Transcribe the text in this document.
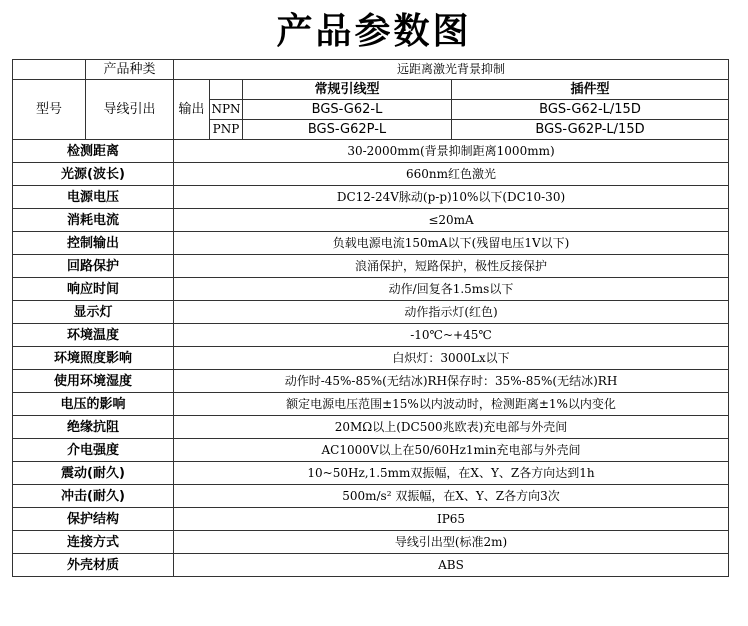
产品参数图
	产品种类	远距离激光背景抑制			
型号	导线引出	输出		常规引线型	插件型
			NPN	BGS-G62-L	BGS-G62-L/15D
			PNP	BGS-G62P-L	BGS-G62P-L/15D
检测距离		30-2000mm(背景抑制距离1000mm)			
光源(波长)		660nm红色激光			
电源电压		DC12-24V脉动(p-p)10%以下(DC10-30)			
消耗电流		≤20mA			
控制输出		负载电源电流150mA以下(残留电压1V以下)			
回路保护		浪涌保护，短路保护，极性反接保护			
响应时间		动作/回复各1.5ms以下			
显示灯		动作指示灯(红色)			
环境温度		-10℃~+45℃			
环境照度影响		白炽灯：3000Lx以下			
使用环境湿度		动作时-45%-85%(无结冰)RH保存时：35%-85%(无结冰)RH			
电压的影响		额定电源电压范围±15%以内波动时，检测距离±1%以内变化			
绝缘抗阻		20MΩ以上(DC500兆欧表)充电部与外壳间			
介电强度		AC1000V以上在50/60Hz1min充电部与外壳间			
震动(耐久)		10~50Hz,1.5mm双振幅，在X、Y、Z各方向达到1h			
冲击(耐久)		500m/s² 双振幅，在X、Y、Z各方向3次			
保护结构		IP65			
连接方式		导线引出型(标准2m)			
外壳材质		ABS			
